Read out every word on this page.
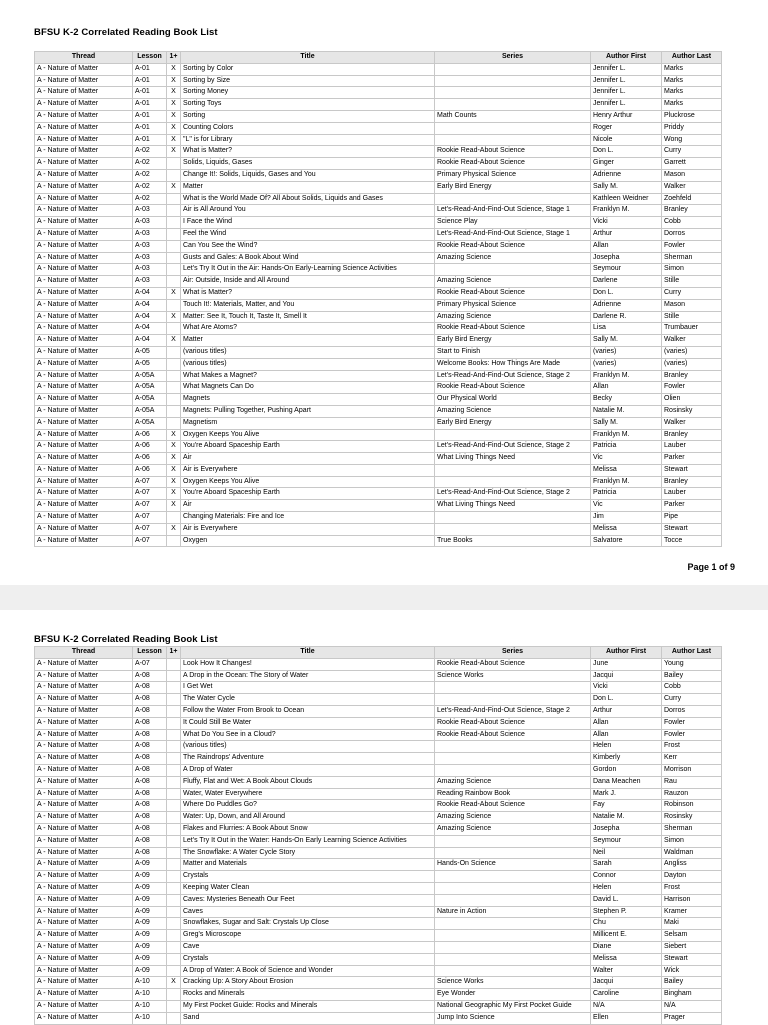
BFSU K-2 Correlated Reading Book List
Thread	Lesson	1+	Title	Series	Author First	Author Last
A - Nature of Matter	A-01	X	Sorting by Color		Jennifer L.	Marks
A - Nature of Matter	A-01	X	Sorting by Size		Jennifer L.	Marks
A - Nature of Matter	A-01	X	Sorting Money		Jennifer L.	Marks
A - Nature of Matter	A-01	X	Sorting Toys		Jennifer L.	Marks
A - Nature of Matter	A-01	X	Sorting	Math Counts	Henry Arthur	Pluckrose
A - Nature of Matter	A-01	X	Counting Colors		Roger	Priddy
A - Nature of Matter	A-01	X	"L" is for Library		Nicole	Wong
A - Nature of Matter	A-02	X	What is Matter?	Rookie Read-About Science	Don L.	Curry
A - Nature of Matter	A-02		Solids, Liquids, Gases	Rookie Read-About Science	Ginger	Garrett
A - Nature of Matter	A-02		Change It!: Solids, Liquids, Gases and You	Primary Physical Science	Adrienne	Mason
A - Nature of Matter	A-02	X	Matter	Early Bird Energy	Sally M.	Walker
A - Nature of Matter	A-02		What is the World Made Of? All About Solids, Liquids and Gases		Kathleen Weidner	Zoehfeld
A - Nature of Matter	A-03		Air is All Around You	Let's-Read-And-Find-Out Science, Stage 1	Franklyn M.	Branley
A - Nature of Matter	A-03		I Face the Wind	Science Play	Vicki	Cobb
A - Nature of Matter	A-03		Feel the Wind	Let's-Read-And-Find-Out Science, Stage 1	Arthur	Dorros
A - Nature of Matter	A-03		Can You See the Wind?	Rookie Read-About Science	Allan	Fowler
A - Nature of Matter	A-03		Gusts and Gales: A Book About Wind	Amazing Science	Josepha	Sherman
A - Nature of Matter	A-03		Let's Try It Out in the Air: Hands-On Early-Learning Science Activities		Seymour	Simon
A - Nature of Matter	A-03		Air: Outside, Inside and All Around	Amazing Science	Darlene	Stille
A - Nature of Matter	A-04	X	What is Matter?	Rookie Read-About Science	Don L.	Curry
A - Nature of Matter	A-04		Touch It!: Materials, Matter, and You	Primary Physical Science	Adrienne	Mason
A - Nature of Matter	A-04	X	Matter: See It, Touch It, Taste It, Smell It	Amazing Science	Darlene R.	Stille
A - Nature of Matter	A-04		What Are Atoms?	Rookie Read-About Science	Lisa	Trumbauer
A - Nature of Matter	A-04	X	Matter	Early Bird Energy	Sally M.	Walker
A - Nature of Matter	A-05		(various titles)	Start to Finish	(varies)	(varies)
A - Nature of Matter	A-05		(various titles)	Welcome Books: How Things Are Made	(varies)	(varies)
A - Nature of Matter	A-05A		What Makes a Magnet?	Let's-Read-And-Find-Out Science, Stage 2	Franklyn M.	Branley
A - Nature of Matter	A-05A		What Magnets Can Do	Rookie Read-About Science	Allan	Fowler
A - Nature of Matter	A-05A		Magnets	Our Physical World	Becky	Olien
A - Nature of Matter	A-05A		Magnets: Pulling Together, Pushing Apart	Amazing Science	Natalie M.	Rosinsky
A - Nature of Matter	A-05A		Magnetism	Early Bird Energy	Sally M.	Walker
A - Nature of Matter	A-06	X	Oxygen Keeps You Alive		Franklyn M.	Branley
A - Nature of Matter	A-06	X	You're Aboard Spaceship Earth	Let's-Read-And-Find-Out Science, Stage 2	Patricia	Lauber
A - Nature of Matter	A-06	X	Air	What Living Things Need	Vic	Parker
A - Nature of Matter	A-06	X	Air is Everywhere		Melissa	Stewart
A - Nature of Matter	A-07	X	Oxygen Keeps You Alive		Franklyn M.	Branley
A - Nature of Matter	A-07	X	You're Aboard Spaceship Earth	Let's-Read-And-Find-Out Science, Stage 2	Patricia	Lauber
A - Nature of Matter	A-07	X	Air	What Living Things Need	Vic	Parker
A - Nature of Matter	A-07		Changing Materials: Fire and Ice		Jim	Pipe
A - Nature of Matter	A-07	X	Air is Everywhere		Melissa	Stewart
A - Nature of Matter	A-07		Oxygen	True Books	Salvatore	Tocce
Page 1 of 9
BFSU K-2 Correlated Reading Book List
Thread	Lesson	1+	Title	Series	Author First	Author Last
A - Nature of Matter	A-07		Look How It Changes!	Rookie Read-About Science	June	Young
A - Nature of Matter	A-08		A Drop in the Ocean: The Story of Water	Science Works	Jacqui	Bailey
A - Nature of Matter	A-08		I Get Wet		Vicki	Cobb
A - Nature of Matter	A-08		The Water Cycle		Don L.	Curry
A - Nature of Matter	A-08		Follow the Water From Brook to Ocean	Let's-Read-And-Find-Out Science, Stage 2	Arthur	Dorros
A - Nature of Matter	A-08		It Could Still Be Water	Rookie Read-About Science	Allan	Fowler
A - Nature of Matter	A-08		What Do You See in a Cloud?	Rookie Read-About Science	Allan	Fowler
A - Nature of Matter	A-08		(various titles)		Helen	Frost
A - Nature of Matter	A-08		The Raindrops' Adventure		Kimberly	Kerr
A - Nature of Matter	A-08		A Drop of Water		Gordon	Morrison
A - Nature of Matter	A-08		Fluffy, Flat and Wet: A Book About Clouds	Amazing Science	Dana Meachen	Rau
A - Nature of Matter	A-08		Water, Water Everywhere	Reading Rainbow Book	Mark J.	Rauzon
A - Nature of Matter	A-08		Where Do Puddles Go?	Rookie Read-About Science	Fay	Robinson
A - Nature of Matter	A-08		Water: Up, Down, and All Around	Amazing Science	Natalie M.	Rosinsky
A - Nature of Matter	A-08		Flakes and Flurries: A Book About Snow	Amazing Science	Josepha	Sherman
A - Nature of Matter	A-08		Let's Try It Out in the Water: Hands-On Early Learning Science Activities		Seymour	Simon
A - Nature of Matter	A-08		The Snowflake: A Water Cycle Story		Neil	Waldman
A - Nature of Matter	A-09		Matter and Materials	Hands-On Science	Sarah	Angliss
A - Nature of Matter	A-09		Crystals		Connor	Dayton
A - Nature of Matter	A-09		Keeping Water Clean		Helen	Frost
A - Nature of Matter	A-09		Caves: Mysteries Beneath Our Feet		David L.	Harrison
A - Nature of Matter	A-09		Caves	Nature in Action	Stephen P.	Kramer
A - Nature of Matter	A-09		Snowflakes, Sugar and Salt: Crystals Up Close		Chu	Maki
A - Nature of Matter	A-09		Greg's Microscope		Millicent E.	Selsam
A - Nature of Matter	A-09		Cave		Diane	Siebert
A - Nature of Matter	A-09		Crystals		Melissa	Stewart
A - Nature of Matter	A-09		A Drop of Water: A Book of Science and Wonder		Walter	Wick
A - Nature of Matter	A-10	X	Cracking Up: A Story About Erosion	Science Works	Jacqui	Bailey
A - Nature of Matter	A-10		Rocks and Minerals	Eye Wonder	Caroline	Bingham
A - Nature of Matter	A-10		My First Pocket Guide: Rocks and Minerals	National Geographic My First Pocket Guide	N/A	N/A
A - Nature of Matter	A-10		Sand	Jump Into Science	Ellen	Prager
